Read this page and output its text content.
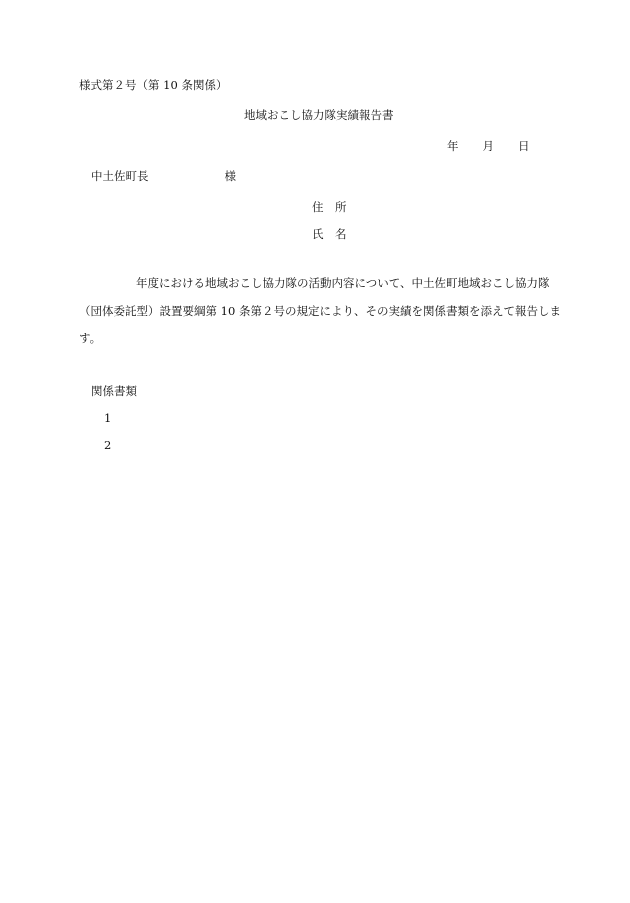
様式第２号（第 10 条関係）
地域おこし協力隊実績報告書
年 月 日
中土佐町長	様
住　所
氏　名
年度における地域おこし協力隊の活動内容について、中土佐町地域おこし協力隊
（団体委託型）設置要綱第 10 条第２号の規定により、その実績を関係書類を添えて報告しま
す。
関係書類
1
2
